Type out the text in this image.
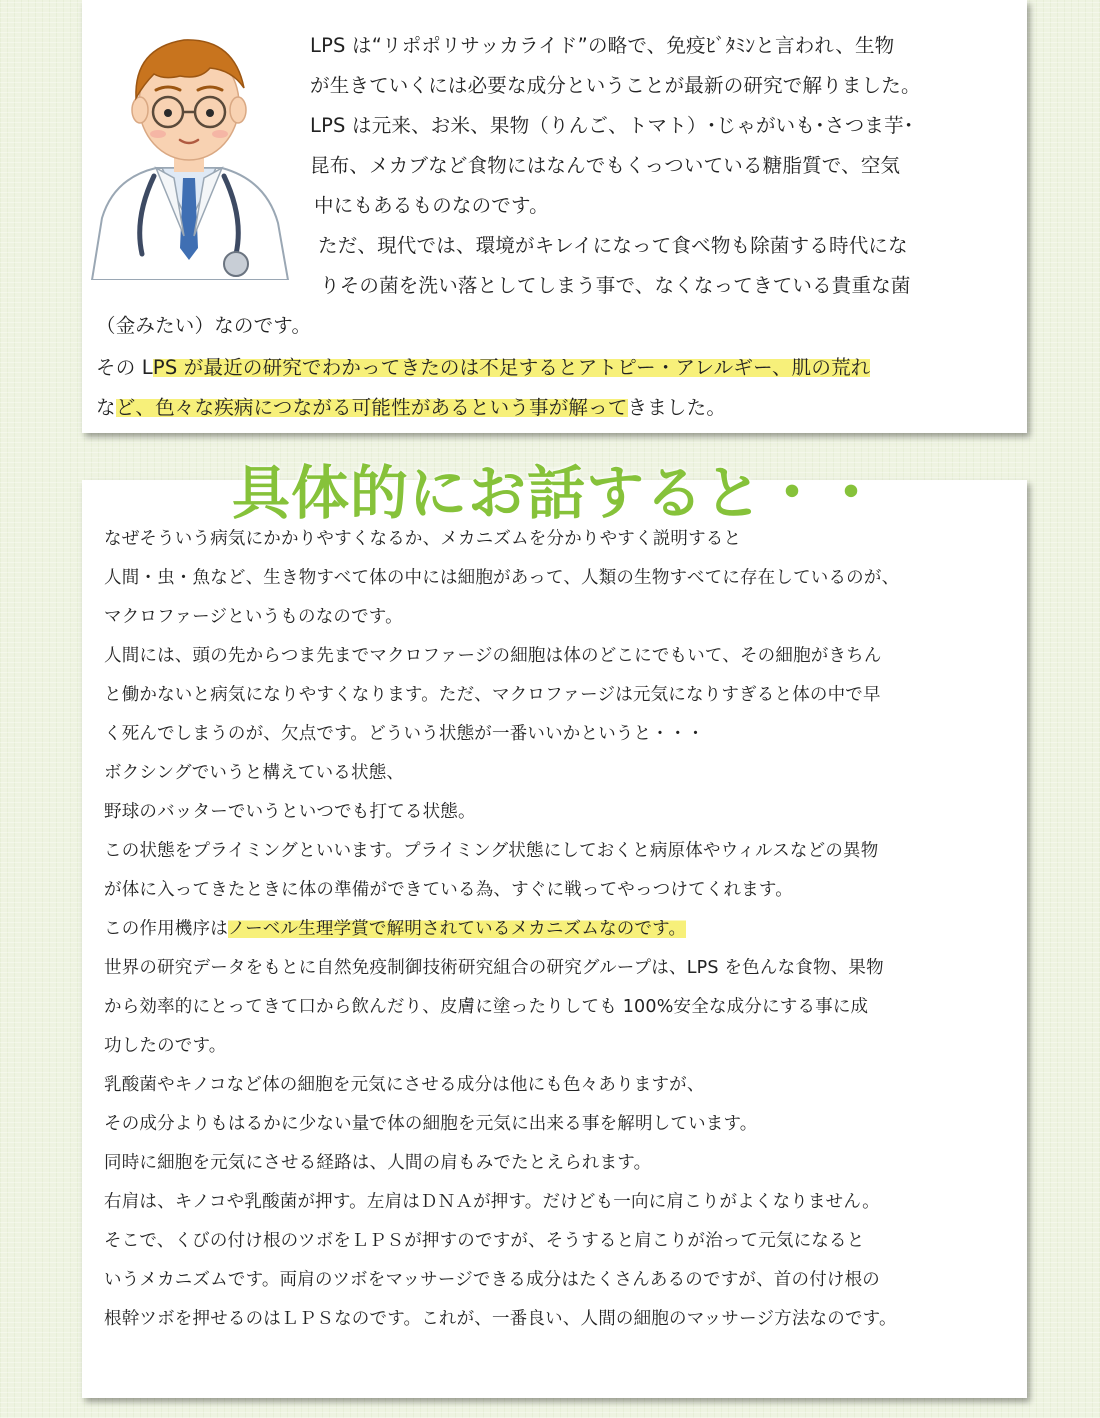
LPS は“リポポリサッカライド”の略で、免疫ﾋﾞﾀﾐﾝと言われ、生物
が生きていくには必要な成分ということが最新の研究で解りました。
LPS は元来、お米、果物（りんご、トマト）･じゃがいも･さつま芋･
昆布、メカブなど食物にはなんでもくっついている糖脂質で、空気
中にもあるものなのです。
ただ、現代では、環境がキレイになって食べ物も除菌する時代にな
りその菌を洗い落としてしまう事で、なくなってきている貴重な菌
（金みたい）なのです。
その LPS が最近の研究でわかってきたのは不足するとアトピー・アレルギー、肌の荒れ
など、色々な疾病につながる可能性があるという事が解ってきました。
具体的にお話すると・・
なぜそういう病気にかかりやすくなるか、メカニズムを分かりやすく説明すると
人間・虫・魚など、生き物すべて体の中には細胞があって、人類の生物すべてに存在しているのが、
マクロファージというものなのです。
人間には、頭の先からつま先までマクロファージの細胞は体のどこにでもいて、その細胞がきちん
と働かないと病気になりやすくなります。ただ、マクロファージは元気になりすぎると体の中で早
く死んでしまうのが、欠点です。どういう状態が一番いいかというと・・・
ボクシングでいうと構えている状態、
野球のバッターでいうといつでも打てる状態。
この状態をプライミングといいます。プライミング状態にしておくと病原体やウィルスなどの異物
が体に入ってきたときに体の準備ができている為、すぐに戦ってやっつけてくれます。
この作用機序はノーベル生理学賞で解明されているメカニズムなのです。
世界の研究データをもとに自然免疫制御技術研究組合の研究グループは、LPS を色んな食物、果物
から効率的にとってきて口から飲んだり、皮膚に塗ったりしても 100%安全な成分にする事に成
功したのです。
乳酸菌やキノコなど体の細胞を元気にさせる成分は他にも色々ありますが、
その成分よりもはるかに少ない量で体の細胞を元気に出来る事を解明しています。
同時に細胞を元気にさせる経路は、人間の肩もみでたとえられます。
右肩は、キノコや乳酸菌が押す。左肩はＤＮＡが押す。だけども一向に肩こりがよくなりません。
そこで、くびの付け根のツボをＬＰＳが押すのですが、そうすると肩こりが治って元気になると
いうメカニズムです。両肩のツボをマッサージできる成分はたくさんあるのですが、首の付け根の
根幹ツボを押せるのはＬＰＳなのです。これが、一番良い、人間の細胞のマッサージ方法なのです。
